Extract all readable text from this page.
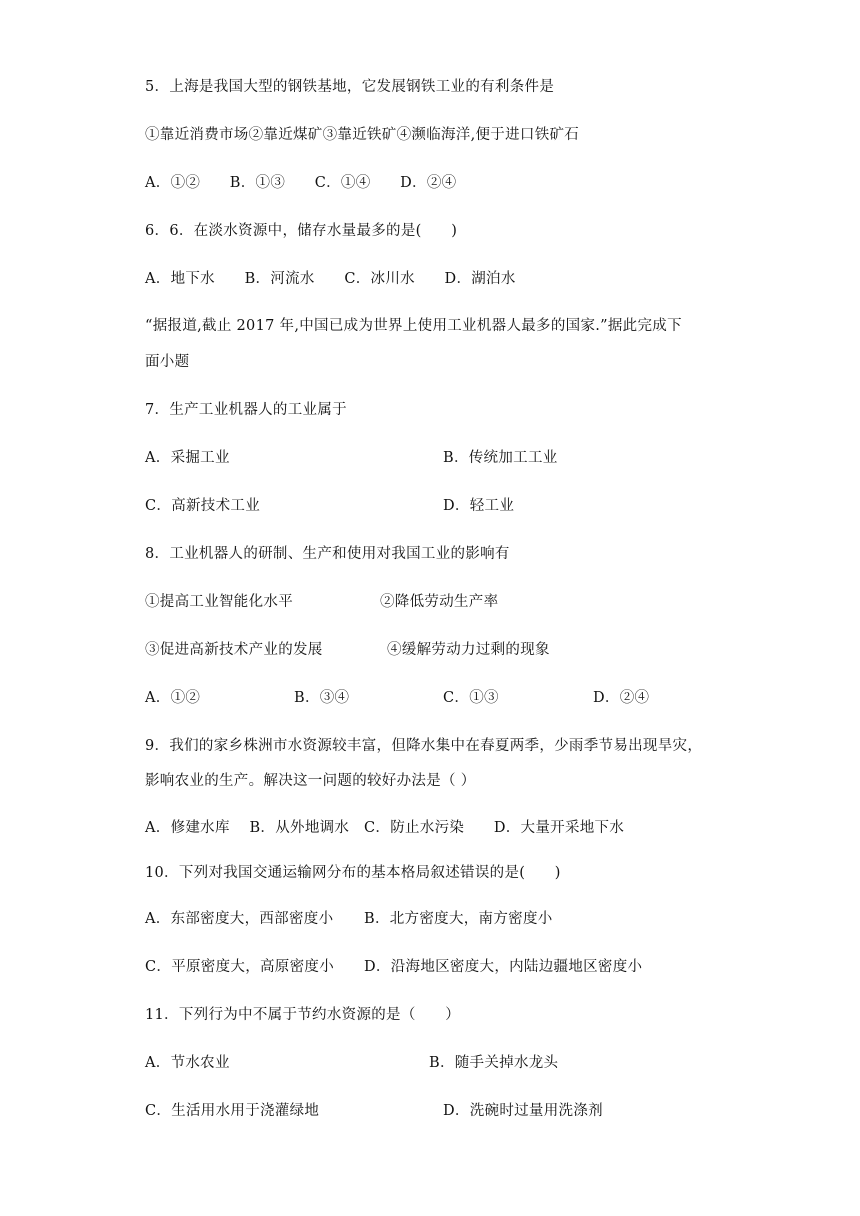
5．上海是我国大型的钢铁基地，它发展钢铁工业的有利条件是
①靠近消费市场②靠近煤矿③靠近铁矿④濒临海洋,便于进口铁矿石
A．①②　　B．①③　　C．①④　　D．②④
6．6．在淡水资源中，储存水量最多的是(　　)
A．地下水　　B．河流水　　C．冰川水　　D．湖泊水
“据报道,截止 2017 年,中国已成为世界上使用工业机器人最多的国家.”据此完成下
面小题
7．生产工业机器人的工业属于
A．采掘工业	B．传统加工工业
C．高新技术工业	D．轻工业
8．工业机器人的研制、生产和使用对我国工业的影响有
①提高工业智能化水平	②降低劳动生产率
③促进高新技术产业的发展	④缓解劳动力过剩的现象
A．①②	B．③④	C．①③	D．②④
9．我们的家乡株洲市水资源较丰富，但降水集中在春夏两季，少雨季节易出现旱灾，
影响农业的生产。解决这一问题的较好办法是（ ）
A．修建水库　 B．从外地调水　C．防止水污染　　D．大量开采地下水
10．下列对我国交通运输网分布的基本格局叙述错误的是(　　)
A．东部密度大，西部密度小 B．北方密度大，南方密度小
C．平原密度大，高原密度小 D．沿海地区密度大，内陆边疆地区密度小
11．下列行为中不属于节约水资源的是（　　）
A．节水农业	B．随手关掉水龙头
C．生活用水用于浇灌绿地	D．洗碗时过量用洗涤剂
